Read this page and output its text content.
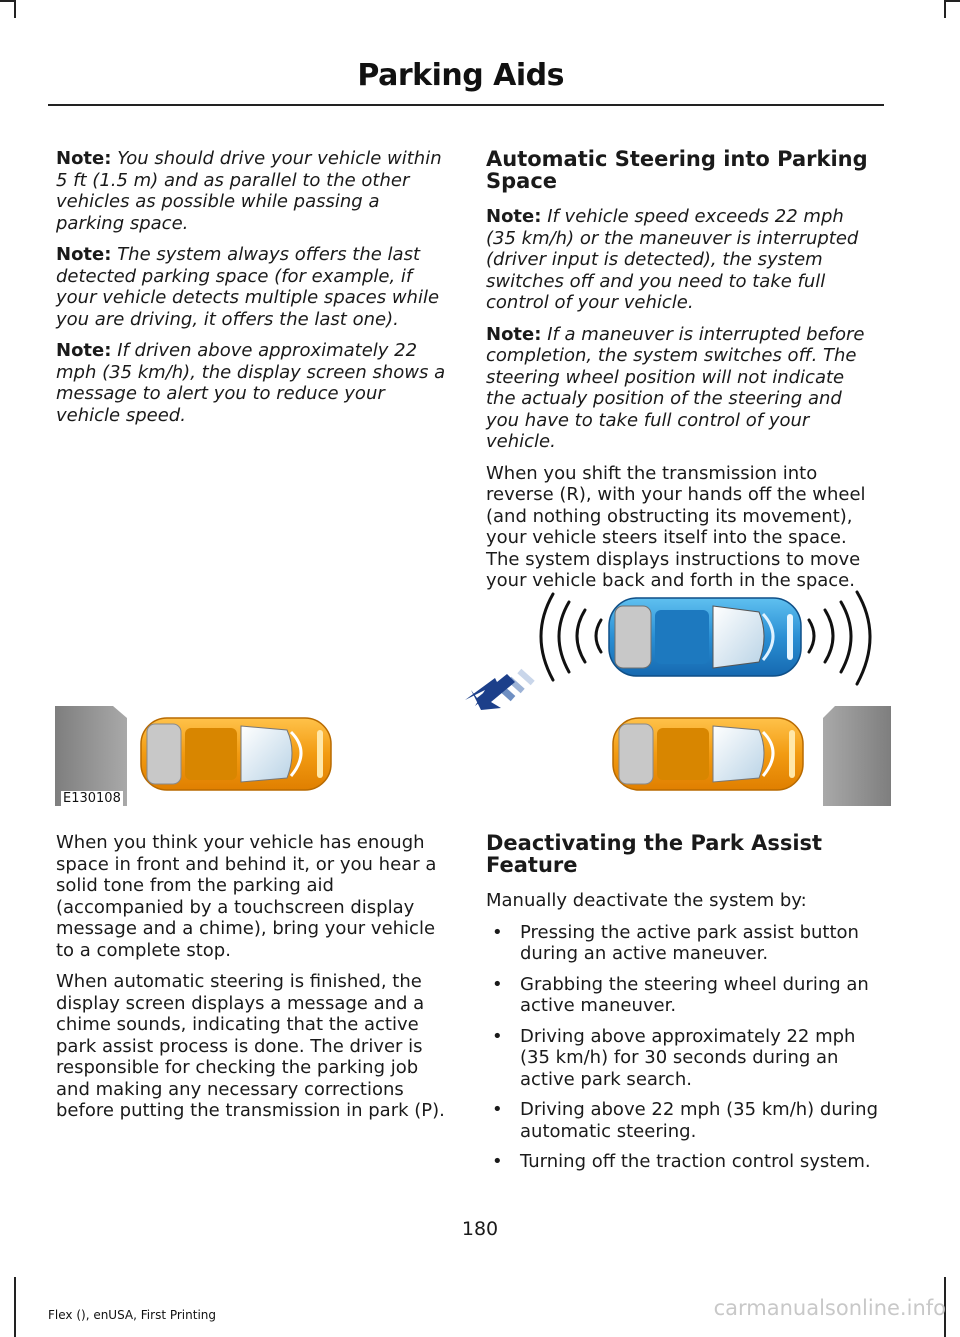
Parking Aids

Note: You should drive your vehicle within 5 ft (1.5 m) and as parallel to the other vehicles as possible while passing a parking space.

Note: The system always offers the last detected parking space (for example, if your vehicle detects multiple spaces while you are driving, it offers the last one).

Note: If driven above approximately 22 mph (35 km/h), the display screen shows a message to alert you to reduce your vehicle speed.

Automatic Steering into Parking Space

Note: If vehicle speed exceeds 22 mph (35 km/h) or the maneuver is interrupted (driver input is detected), the system switches off and you need to take full control of your vehicle.

Note: If a maneuver is interrupted before completion, the system switches off. The steering wheel position will not indicate the actualy position of the steering and you have to take full control of your vehicle.

When you shift the transmission into reverse (R), with your hands off the wheel (and nothing obstructing its movement), your vehicle steers itself into the space. The system displays instructions to move your vehicle back and forth in the space.

E130108

When you think your vehicle has enough space in front and behind it, or you hear a solid tone from the parking aid (accompanied by a touchscreen display message and a chime), bring your vehicle to a complete stop.

When automatic steering is finished, the display screen displays a message and a chime sounds, indicating that the active park assist process is done. The driver is responsible for checking the parking job and making any necessary corrections before putting the transmission in park (P).

Deactivating the Park Assist Feature

Manually deactivate the system by:

• Pressing the active park assist button during an active maneuver.
• Grabbing the steering wheel during an active maneuver.
• Driving above approximately 22 mph (35 km/h) for 30 seconds during an active park search.
• Driving above 22 mph (35 km/h) during automatic steering.
• Turning off the traction control system.
180
Flex (), enUSA, First Printing	carmanualsonline.info
